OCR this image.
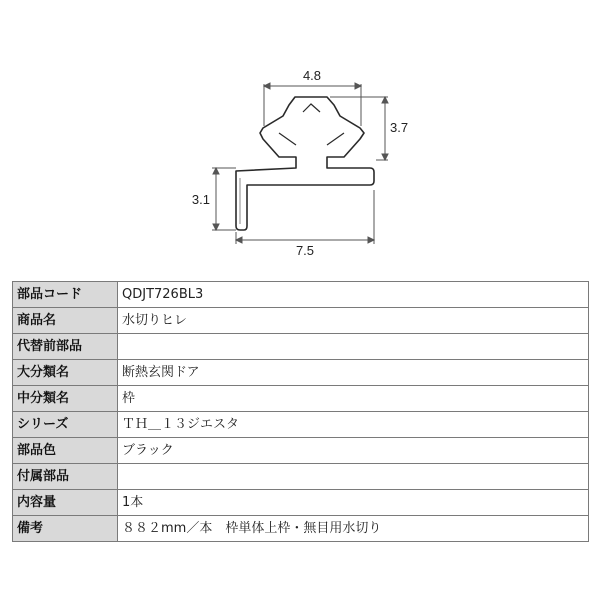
4.8
3.7
3.1
7.5
部品コード	QDJT726BL3
商品名	水切りヒレ
代替前部品	
大分類名	断熱玄関ドア
中分類名	枠
シリーズ	ＴＨ＿１３ジエスタ
部品色	ブラック
付属部品	
内容量	1本
備考	８８２mm／本　枠単体上枠・無目用水切り
